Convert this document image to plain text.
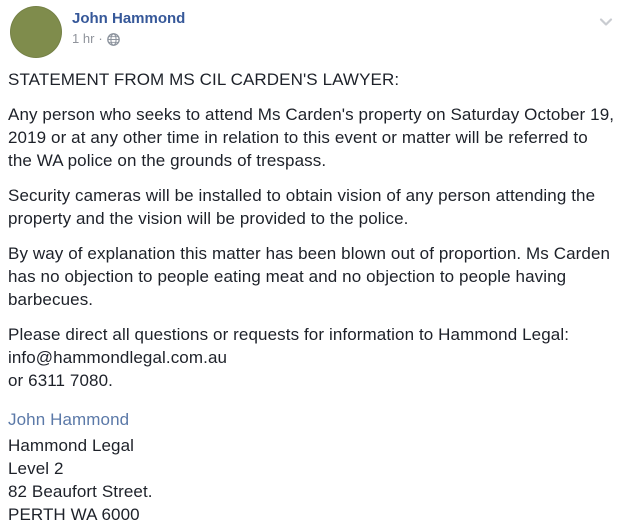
John Hammond
1 hr ·

STATEMENT FROM MS CIL CARDEN'S LAWYER:

Any person who seeks to attend Ms Carden's property on Saturday October 19, 2019 or at any other time in relation to this event or matter will be referred to the WA police on the grounds of trespass.

Security cameras will be installed to obtain vision of any person attending the property and the vision will be provided to the police.

By way of explanation this matter has been blown out of proportion. Ms Carden has no objection to people eating meat and no objection to people having barbecues.

Please direct all questions or requests for information to Hammond Legal:
info@hammondlegal.com.au
or 6311 7080.

John Hammond

Hammond Legal
Level 2
82 Beaufort Street.
PERTH WA 6000
